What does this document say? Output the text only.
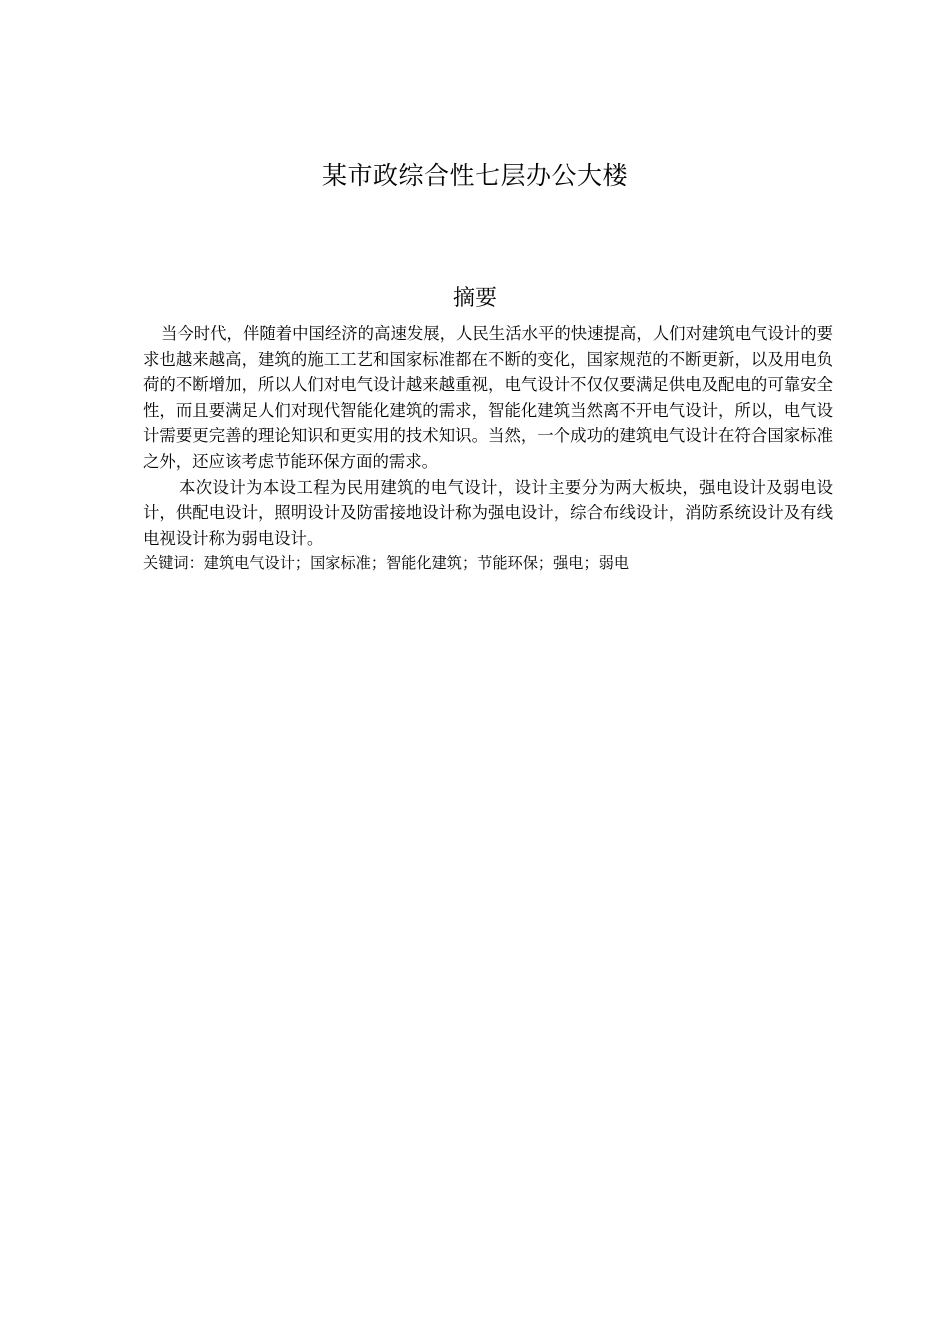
某市政综合性七层办公大楼
摘要

当今时代，伴随着中国经济的高速发展，人民生活水平的快速提高，人们对建筑电气设计的要求也越来越高，建筑的施工工艺和国家标准都在不断的变化，国家规范的不断更新，以及用电负荷的不断增加，所以人们对电气设计越来越重视，电气设计不仅仅要满足供电及配电的可靠安全性，而且要满足人们对现代智能化建筑的需求，智能化建筑当然离不开电气设计，所以，电气设计需要更完善的理论知识和更实用的技术知识。当然，一个成功的建筑电气设计在符合国家标准之外，还应该考虑节能环保方面的需求。

本次设计为本设工程为民用建筑的电气设计，设计主要分为两大板块，强电设计及弱电设计，供配电设计，照明设计及防雷接地设计称为强电设计，综合布线设计，消防系统设计及有线电视设计称为弱电设计。

关键词：建筑电气设计；国家标准；智能化建筑；节能环保；强电；弱电
